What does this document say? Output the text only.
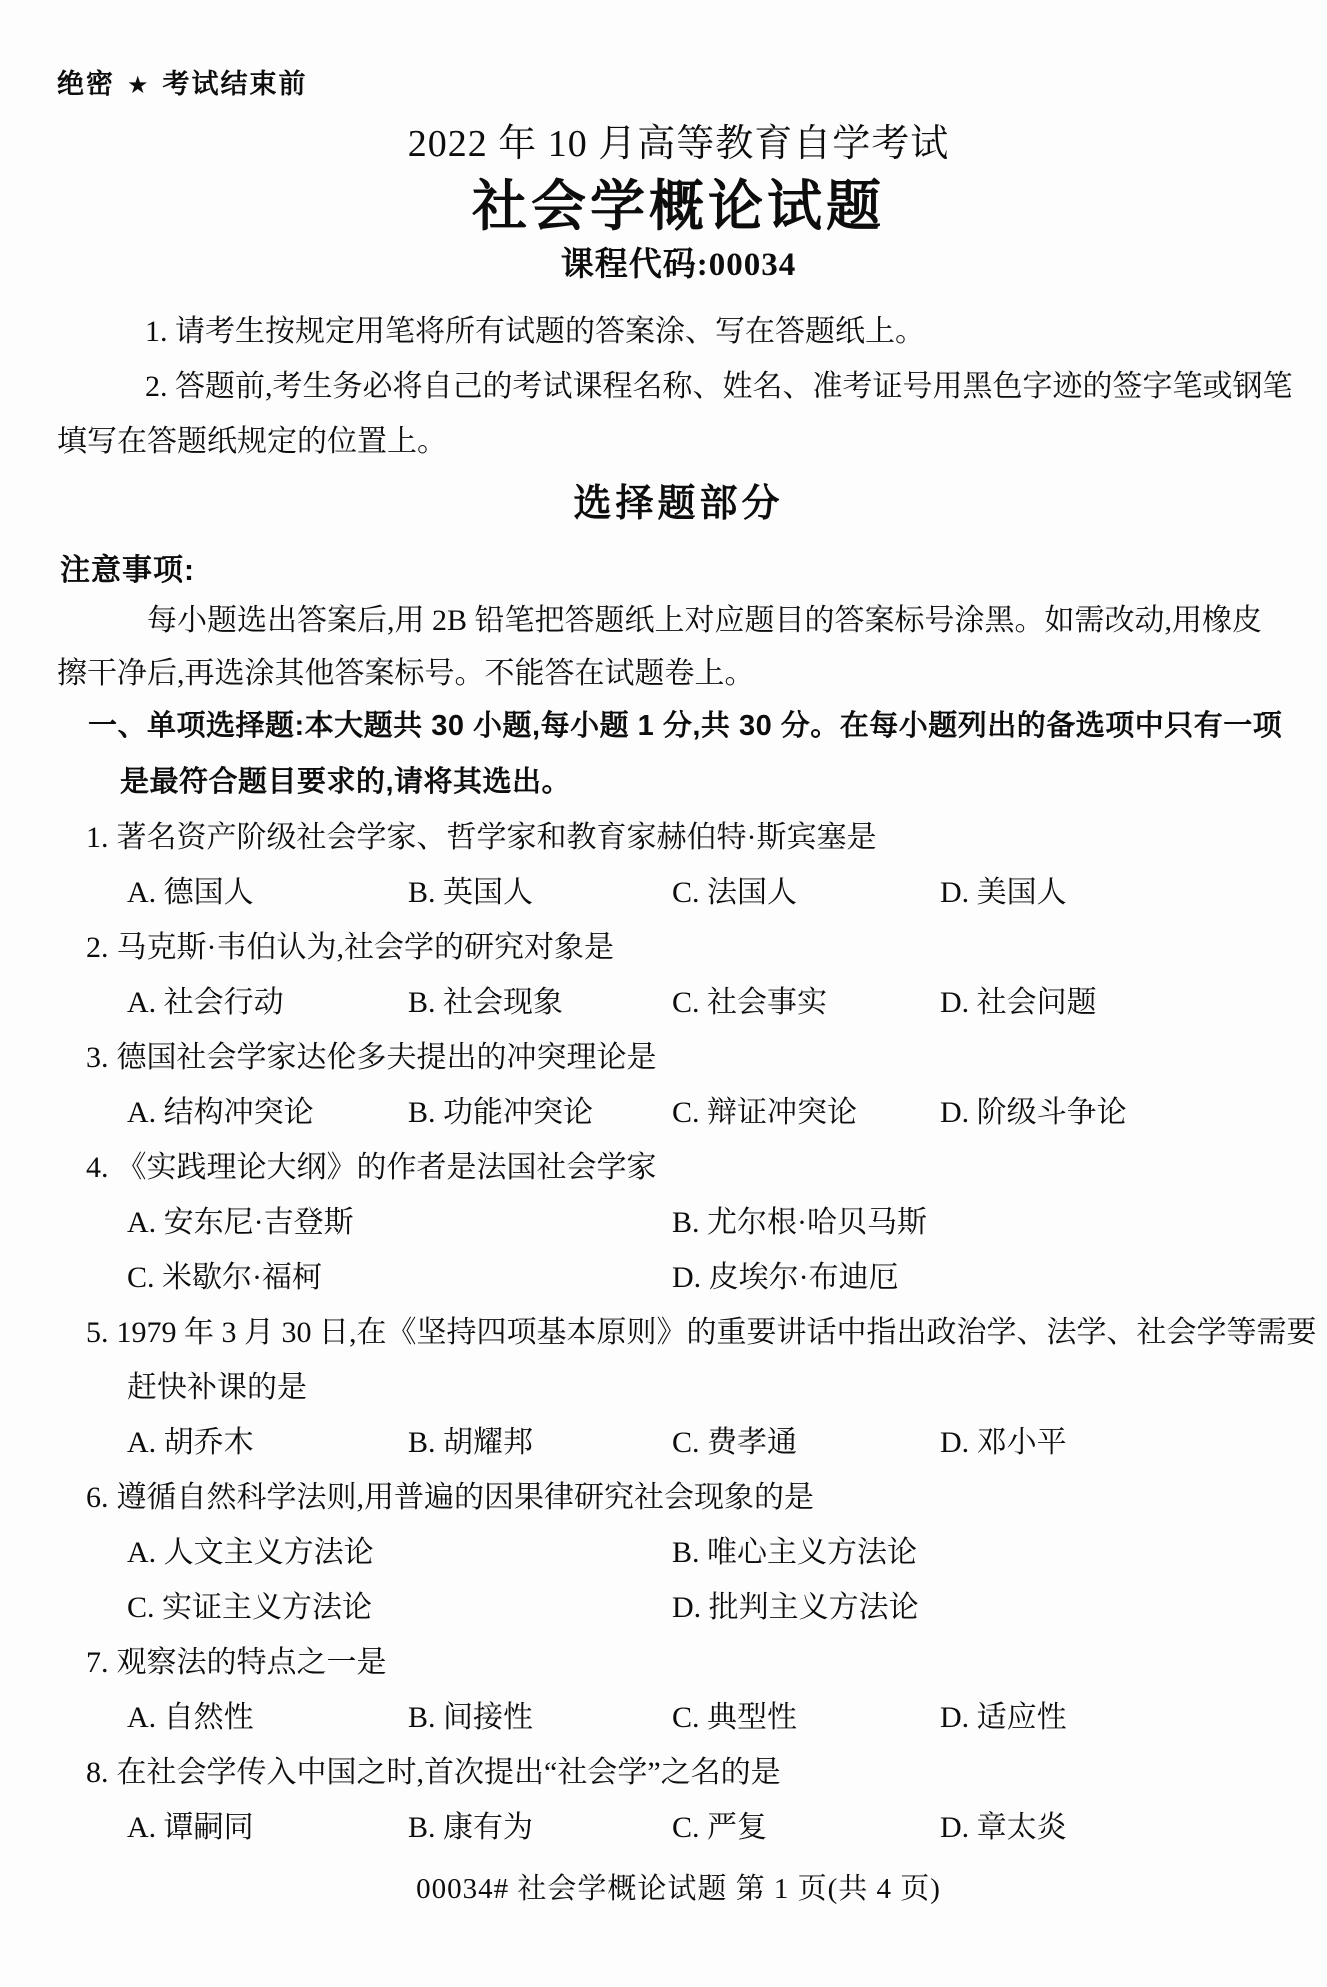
绝密 ★ 考试结束前
2022 年 10 月高等教育自学考试
社会学概论试题
课程代码:00034
1. 请考生按规定用笔将所有试题的答案涂、写在答题纸上。
2. 答题前,考生务必将自己的考试课程名称、姓名、准考证号用黑色字迹的签字笔或钢笔
填写在答题纸规定的位置上。
选择题部分
注意事项:
每小题选出答案后,用 2B 铅笔把答题纸上对应题目的答案标号涂黑。如需改动,用橡皮
擦干净后,再选涂其他答案标号。不能答在试题卷上。
一、单项选择题:本大题共 30 小题,每小题 1 分,共 30 分。在每小题列出的备选项中只有一项
是最符合题目要求的,请将其选出。
1. 著名资产阶级社会学家、哲学家和教育家赫伯特·斯宾塞是
A. 德国人	B. 英国人	C. 法国人	D. 美国人
2. 马克斯·韦伯认为,社会学的研究对象是
A. 社会行动	B. 社会现象	C. 社会事实	D. 社会问题
3. 德国社会学家达伦多夫提出的冲突理论是
A. 结构冲突论	B. 功能冲突论	C. 辩证冲突论	D. 阶级斗争论
4. 《实践理论大纲》的作者是法国社会学家
A. 安东尼·吉登斯	B. 尤尔根·哈贝马斯
C. 米歇尔·福柯	D. 皮埃尔·布迪厄
5. 1979 年 3 月 30 日,在《坚持四项基本原则》的重要讲话中指出政治学、法学、社会学等需要
赶快补课的是
A. 胡乔木	B. 胡耀邦	C. 费孝通	D. 邓小平
6. 遵循自然科学法则,用普遍的因果律研究社会现象的是
A. 人文主义方法论	B. 唯心主义方法论
C. 实证主义方法论	D. 批判主义方法论
7. 观察法的特点之一是
A. 自然性	B. 间接性	C. 典型性	D. 适应性
8. 在社会学传入中国之时,首次提出“社会学”之名的是
A. 谭嗣同	B. 康有为	C. 严复	D. 章太炎
00034# 社会学概论试题 第 1 页(共 4 页)
